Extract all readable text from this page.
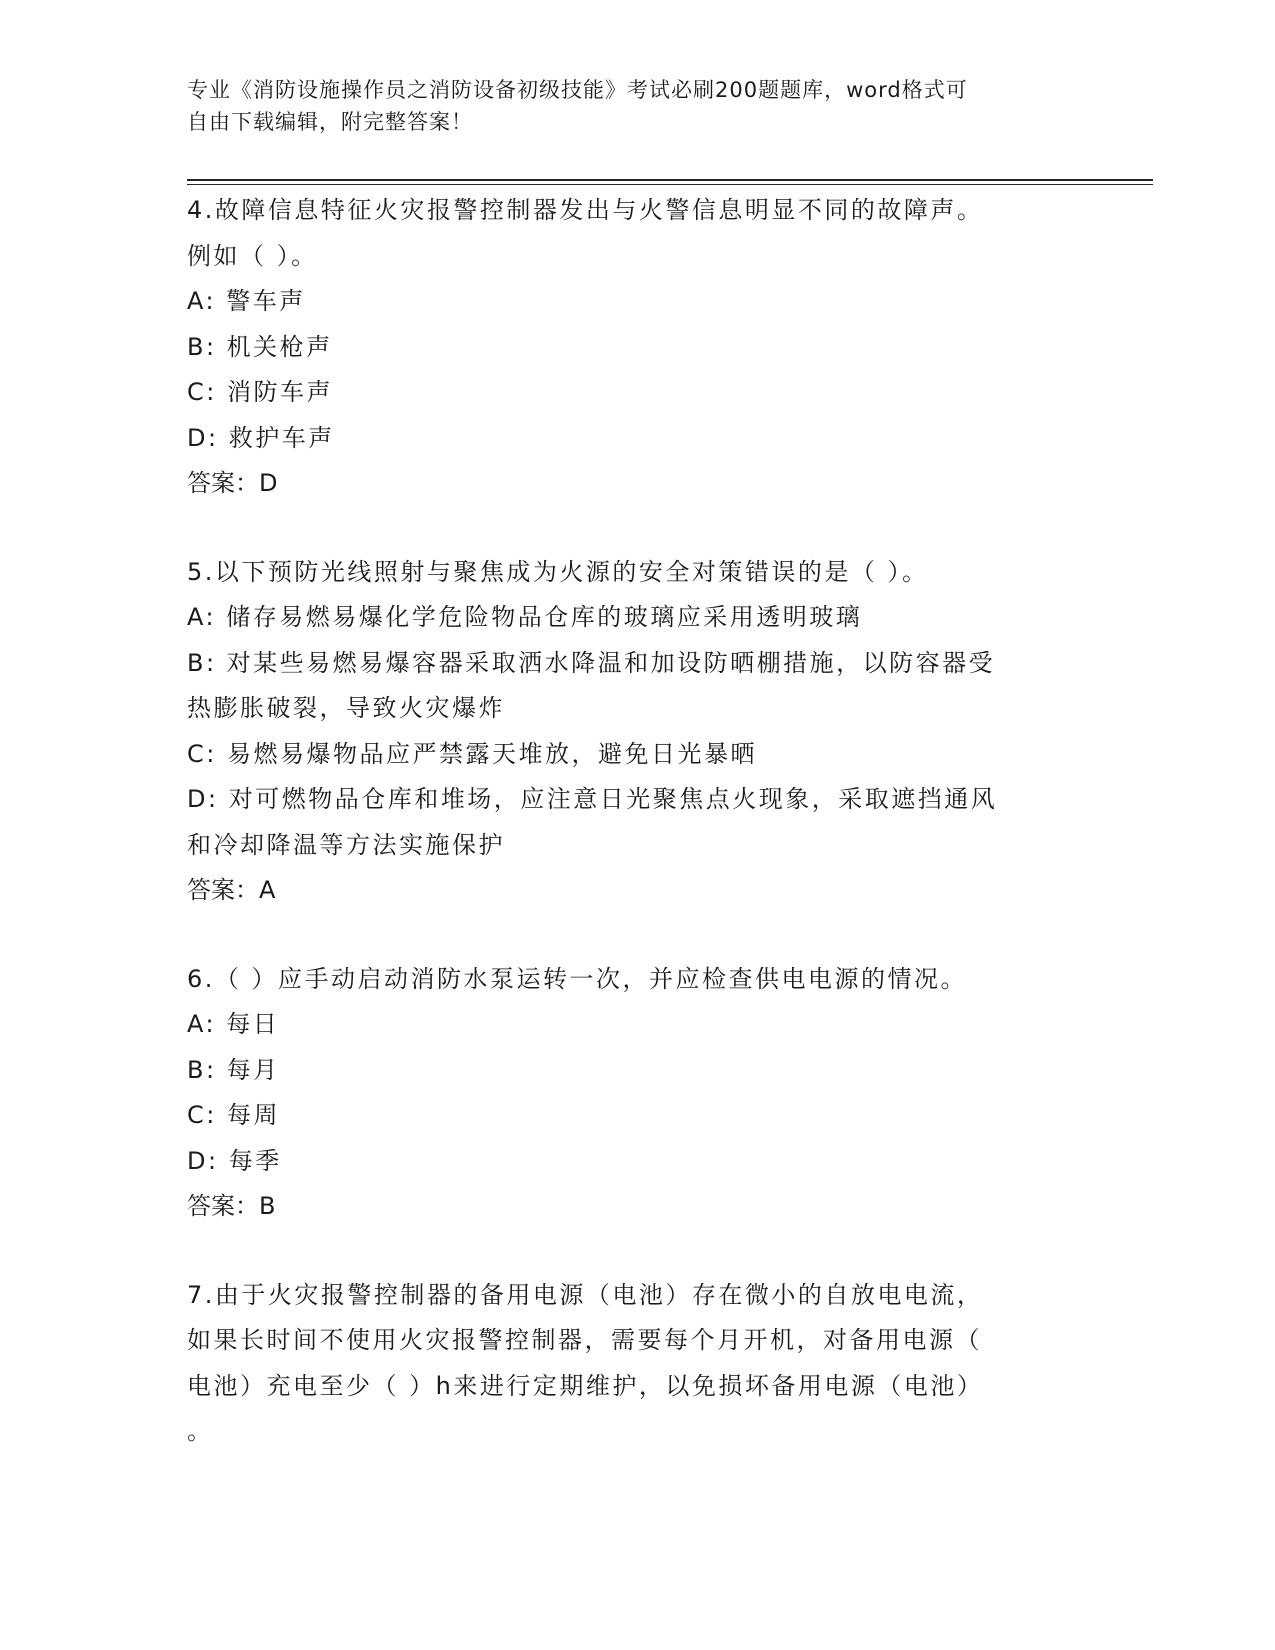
专业《消防设施操作员之消防设备初级技能》考试必刷200题题库，word格式可
自由下载编辑，附完整答案！
4.故障信息特征火灾报警控制器发出与火警信息明显不同的故障声。
例如（ ）。
A: 警车声
B: 机关枪声
C: 消防车声
D: 救护车声
答案：D
5.以下预防光线照射与聚焦成为火源的安全对策错误的是（ ）。
A: 储存易燃易爆化学危险物品仓库的玻璃应采用透明玻璃
B: 对某些易燃易爆容器采取洒水降温和加设防晒棚措施，以防容器受
热膨胀破裂，导致火灾爆炸
C: 易燃易爆物品应严禁露天堆放，避免日光暴晒
D: 对可燃物品仓库和堆场，应注意日光聚焦点火现象，采取遮挡通风
和冷却降温等方法实施保护
答案：A
6.（ ）应手动启动消防水泵运转一次，并应检查供电电源的情况。
A: 每日
B: 每月
C: 每周
D: 每季
答案：B
7.由于火灾报警控制器的备用电源（电池）存在微小的自放电电流，
如果长时间不使用火灾报警控制器，需要每个月开机，对备用电源（
电池）充电至少（ ）h来进行定期维护，以免损坏备用电源（电池）
。
